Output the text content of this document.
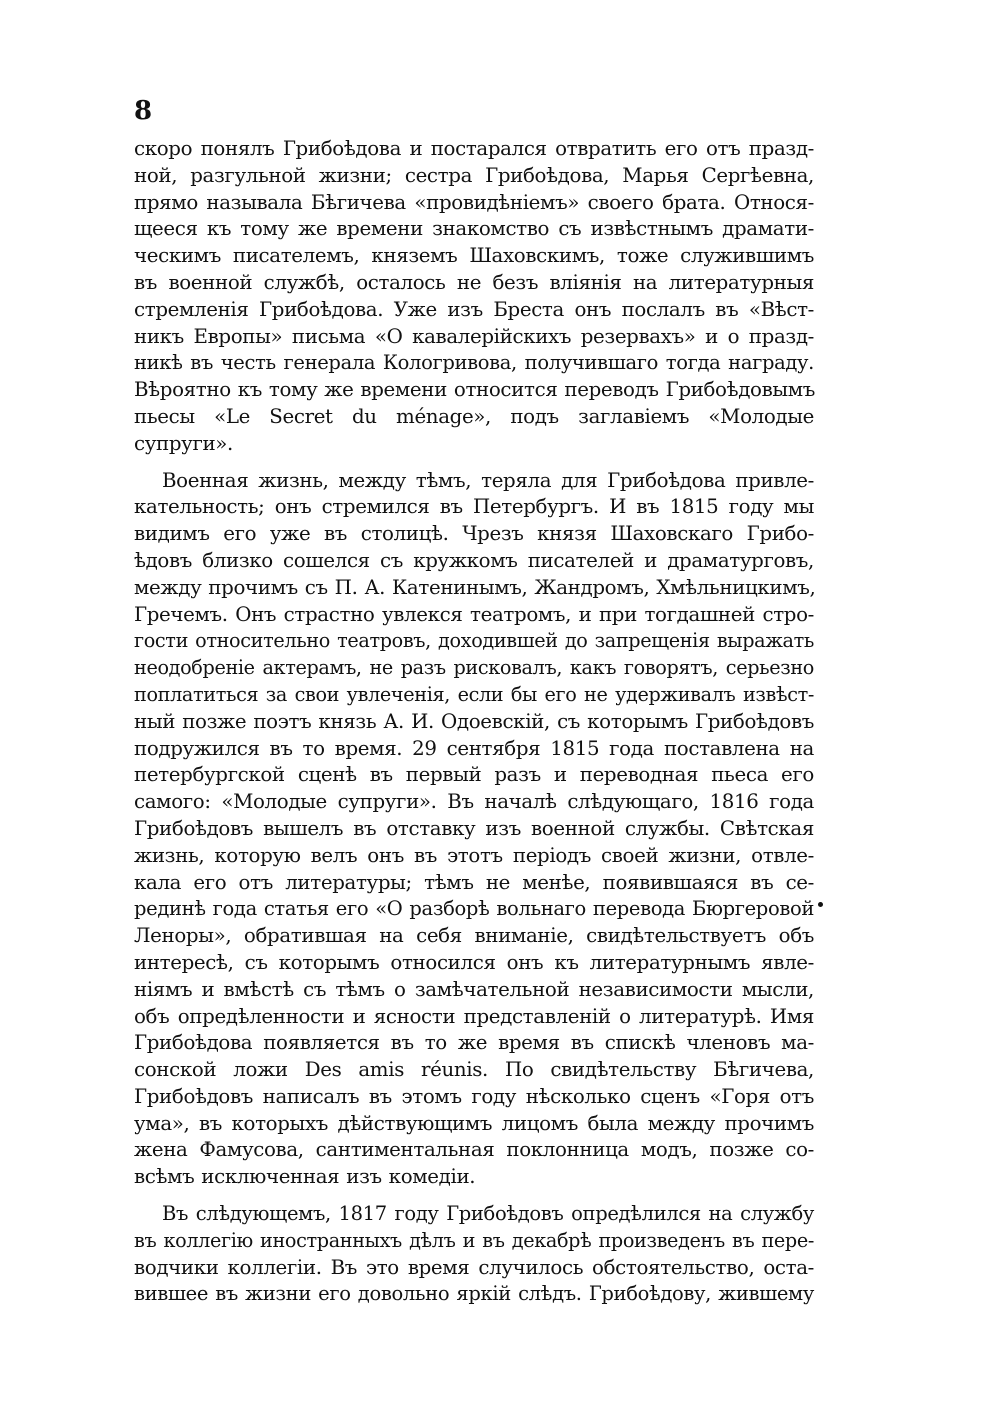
8
скоро понялъ Грибоѣдова и постарался отвратить его отъ празд-
ной, разгульной жизни; сестра Грибоѣдова, Марья Сергѣевна,
прямо называла Бѣгичева «провидѣніемъ» своего брата. Относя-
щееся къ тому же времени знакомство съ извѣстнымъ драмати-
ческимъ писателемъ, княземъ Шаховскимъ, тоже служившимъ
въ военной службѣ, осталось не безъ вліянія на литературныя
стремленія Грибоѣдова. Уже изъ Бреста онъ послалъ въ «Вѣст-
никъ Европы» письма «О кавалерійскихъ резервахъ» и о празд-
никѣ въ честь генерала Кологривова, получившаго тогда награду.
Вѣроятно къ тому же времени относится переводъ Грибоѣдовымъ
пьесы «Le Secret du ménage», подъ заглавіемъ «Молодые
супруги».
Военная жизнь, между тѣмъ, теряла для Грибоѣдова привле-
кательность; онъ стремился въ Петербургъ. И въ 1815 году мы
видимъ его уже въ столицѣ. Чрезъ князя Шаховскаго Грибо-
ѣдовъ близко сошелся съ кружкомъ писателей и драматурговъ,
между прочимъ съ П. А. Катенинымъ, Жандромъ, Хмѣльницкимъ,
Гречемъ. Онъ страстно увлекся театромъ, и при тогдашней стро-
гости относительно театровъ, доходившей до запрещенія выражать
неодобреніе актерамъ, не разъ рисковалъ, какъ говорятъ, серьезно
поплатиться за свои увлеченія, если бы его не удерживалъ извѣст-
ный позже поэтъ князь А. И. Одоевскій, съ которымъ Грибоѣдовъ
подружился въ то время. 29 сентября 1815 года поставлена на
петербургской сценѣ въ первый разъ и переводная пьеса его
самого: «Молодые супруги». Въ началѣ слѣдующаго, 1816 года
Грибоѣдовъ вышелъ въ отставку изъ военной службы. Свѣтская
жизнь, которую велъ онъ въ этотъ періодъ своей жизни, отвле-
кала его отъ литературы; тѣмъ не менѣе, появившаяся въ се-
рединѣ года статья его «О разборѣ вольнаго перевода Бюргеровой
Леноры», обратившая на себя вниманіе, свидѣтельствуетъ объ
интересѣ, съ которымъ относился онъ къ литературнымъ явле-
ніямъ и вмѣстѣ съ тѣмъ о замѣчательной независимости мысли,
объ опредѣленности и ясности представленій о литературѣ. Имя
Грибоѣдова появляется въ то же время въ спискѣ членовъ ма-
сонской ложи Des amis réunis. По свидѣтельству Бѣгичева,
Грибоѣдовъ написалъ въ этомъ году нѣсколько сценъ «Горя отъ
ума», въ которыхъ дѣйствующимъ лицомъ была между прочимъ
жена Фамусова, сантиментальная поклонница модъ, позже со-
всѣмъ исключенная изъ комедіи.
Въ слѣдующемъ, 1817 году Грибоѣдовъ опредѣлился на службу
въ коллегію иностранныхъ дѣлъ и въ декабрѣ произведенъ въ пере-
водчики коллегіи. Въ это время случилось обстоятельство, оста-
вившее въ жизни его довольно яркій слѣдъ. Грибоѣдову, жившему
